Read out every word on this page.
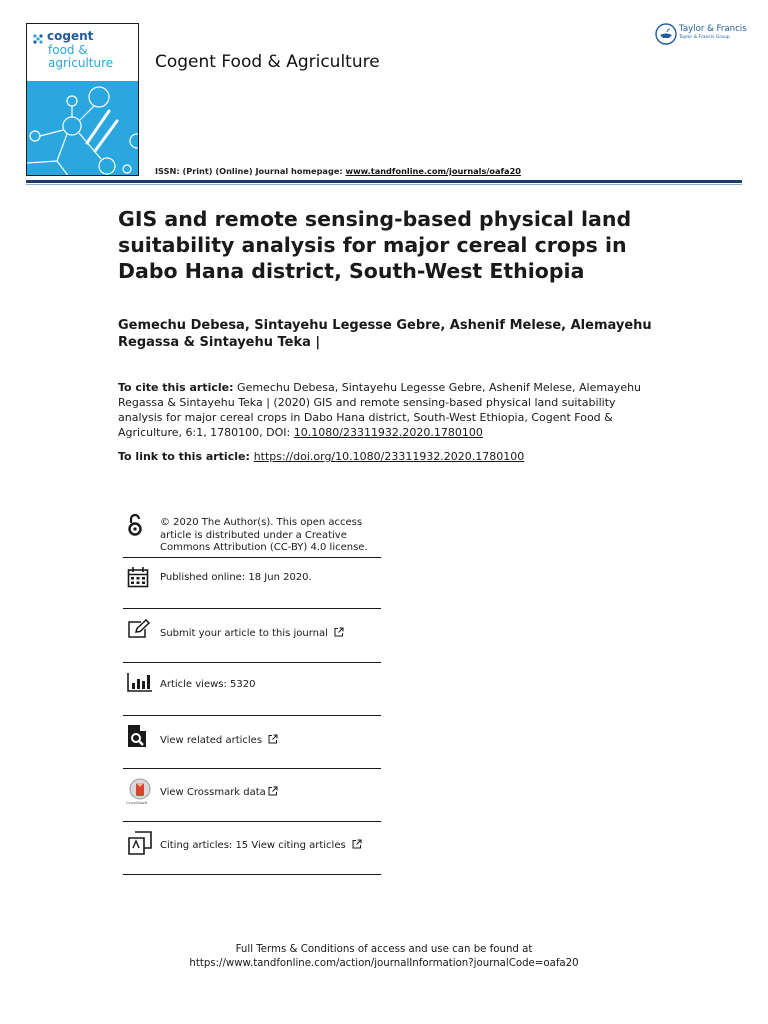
cogent
food &
agriculture Cogent Food & Agriculture
ISSN: (Print) (Online) Journal homepage: www.tandfonline.com/journals/oafa20
Taylor & Francis
Taylor & Francis Group
GIS and remote sensing-based physical land suitability analysis for major cereal crops in Dabo Hana district, South-West Ethiopia
Gemechu Debesa, Sintayehu Legesse Gebre, Ashenif Melese, Alemayehu Regassa & Sintayehu Teka |

To cite this article: Gemechu Debesa, Sintayehu Legesse Gebre, Ashenif Melese, Alemayehu Regassa & Sintayehu Teka | (2020) GIS and remote sensing-based physical land suitability analysis for major cereal crops in Dabo Hana district, South-West Ethiopia, Cogent Food & Agriculture, 6:1, 1780100, DOI: 10.1080/23311932.2020.1780100

To link to this article: https://doi.org/10.1080/23311932.2020.1780100

© 2020 The Author(s). This open access article is distributed under a Creative Commons Attribution (CC-BY) 4.0 license.
Published online: 18 Jun 2020.
Submit your article to this journal
Article views: 5320
View related articles
CrossMark
View Crossmark data
Citing articles: 15 View citing articles
Full Terms & Conditions of access and use can be found at
https://www.tandfonline.com/action/journalInformation?journalCode=oafa20
